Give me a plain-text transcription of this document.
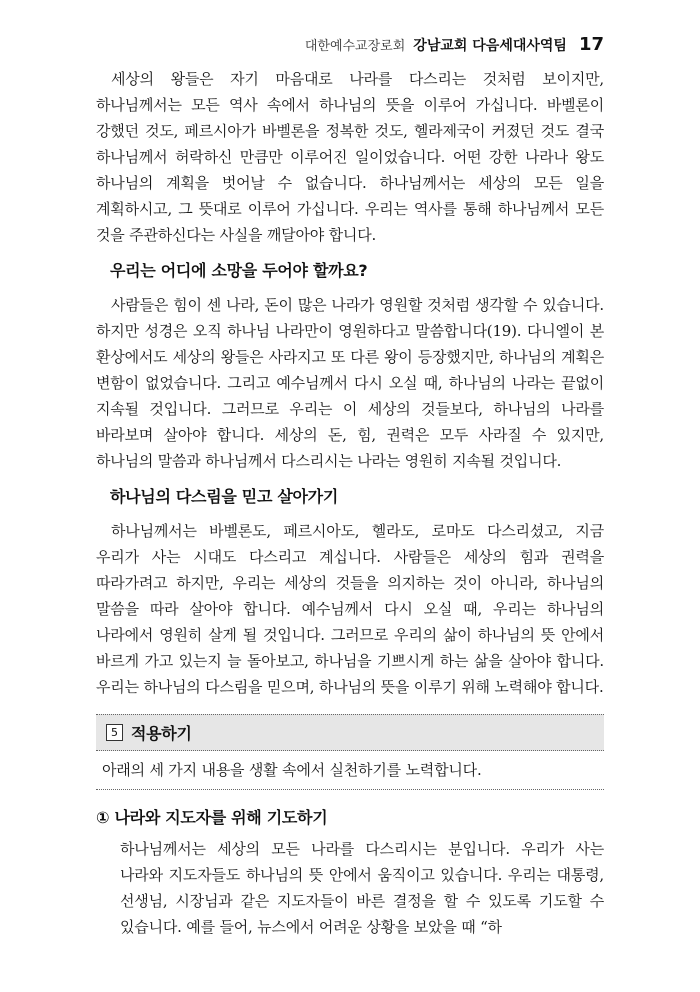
대한예수교장로회 강남교회 다음세대사역팀 17

세상의 왕들은 자기 마음대로 나라를 다스리는 것처럼 보이지만, 하나님께서는 모든 역사 속에서 하나님의 뜻을 이루어 가십니다. 바벨론이 강했던 것도, 페르시아가 바벨론을 정복한 것도, 헬라제국이 커졌던 것도 결국 하나님께서 허락하신 만큼만 이루어진 일이었습니다. 어떤 강한 나라나 왕도 하나님의 계획을 벗어날 수 없습니다. 하나님께서는 세상의 모든 일을 계획하시고, 그 뜻대로 이루어 가십니다. 우리는 역사를 통해 하나님께서 모든 것을 주관하신다는 사실을 깨달아야 합니다.

우리는 어디에 소망을 두어야 할까요?

사람들은 힘이 센 나라, 돈이 많은 나라가 영원할 것처럼 생각할 수 있습니다. 하지만 성경은 오직 하나님 나라만이 영원하다고 말씀합니다(19). 다니엘이 본 환상에서도 세상의 왕들은 사라지고 또 다른 왕이 등장했지만, 하나님의 계획은 변함이 없었습니다. 그리고 예수님께서 다시 오실 때, 하나님의 나라는 끝없이 지속될 것입니다. 그러므로 우리는 이 세상의 것들보다, 하나님의 나라를 바라보며 살아야 합니다. 세상의 돈, 힘, 권력은 모두 사라질 수 있지만, 하나님의 말씀과 하나님께서 다스리시는 나라는 영원히 지속될 것입니다.

하나님의 다스림을 믿고 살아가기

하나님께서는 바벨론도, 페르시아도, 헬라도, 로마도 다스리셨고, 지금 우리가 사는 시대도 다스리고 계십니다. 사람들은 세상의 힘과 권력을 따라가려고 하지만, 우리는 세상의 것들을 의지하는 것이 아니라, 하나님의 말씀을 따라 살아야 합니다. 예수님께서 다시 오실 때, 우리는 하나님의 나라에서 영원히 살게 될 것입니다. 그러므로 우리의 삶이 하나님의 뜻 안에서 바르게 가고 있는지 늘 돌아보고, 하나님을 기쁘시게 하는 삶을 살아야 합니다. 우리는 하나님의 다스림을 믿으며, 하나님의 뜻을 이루기 위해 노력해야 합니다.

5 적용하기

아래의 세 가지 내용을 생활 속에서 실천하기를 노력합니다.

① 나라와 지도자를 위해 기도하기

하나님께서는 세상의 모든 나라를 다스리시는 분입니다. 우리가 사는 나라와 지도자들도 하나님의 뜻 안에서 움직이고 있습니다. 우리는 대통령, 선생님, 시장님과 같은 지도자들이 바른 결정을 할 수 있도록 기도할 수 있습니다. 예를 들어, 뉴스에서 어려운 상황을 보았을 때 “하
